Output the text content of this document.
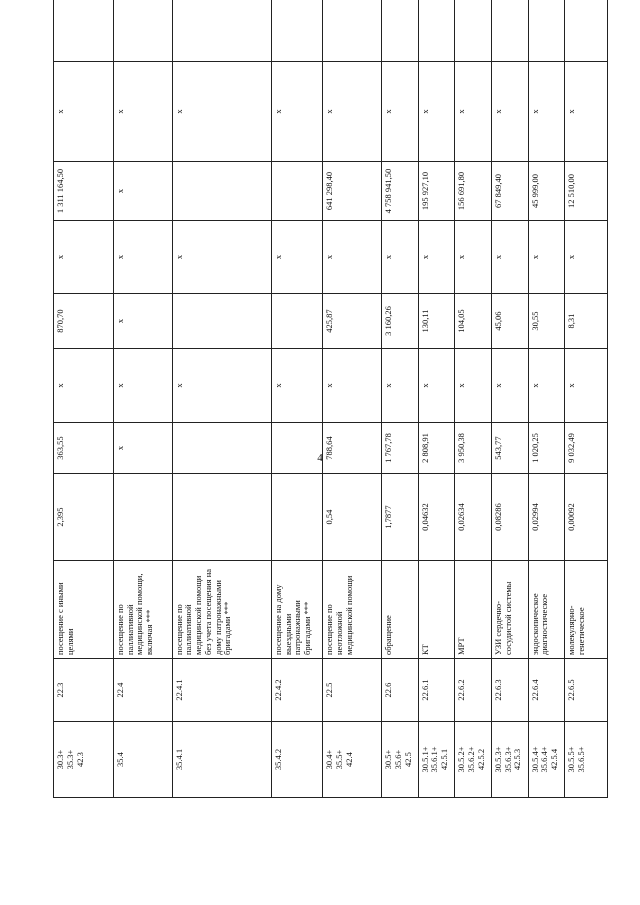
4
30.3+ 35.3+ 42.3	22.3	посещение с иными целями	2,395	363,55	х	870,70	х	1 311 164,50	х	

35.4	22.4	посещение по паллиативной медицинской помощи, включая ***		х	х	х	х	х	х	

35.4.1	22.4.1	посещение по паллиативной медицинской помощи без учета посещения на дому патронажными бригадами ***			х		х		х	

35.4.2	22.4.2	посещение на дому выездными патронажными бригадами ***			х		х		х	

30.4+ 35.5+ 42.4	22.5	посещение по неотложной медицинской помощи	0,54	788,64	х	425,87	х	641 298,40	х	

30.5+ 35.6+ 42.5	22.6	обращение	1,7877	1 767,78	х	3 160,26	х	4 758 941,50	х	

30.5.1+ 35.6.1+ 42.5.1	22.6.1	КТ	0,04632	2 808,91	х	130,11	х	195 927,10	х	

30.5.2+ 35.6.2+ 42.5.2	22.6.2	МРТ	0,02634	3 950,38	х	104,05	х	156 691,80	х	

30.5.3+ 35.6.3+ 42.5.3	22.6.3	УЗИ сердечно-сосудистой системы	0,08286	543,77	х	45,06	х	67 849,40	х	

30.5.4+ 35.6.4+ 42.5.4	22.6.4	эндоскопическое диагностическое	0,02994	1 020,25	х	30,55	х	45 999,00	х	

30.5.5+ 35.6.5+	22.6.5	молекулярно-генетическое	0,00092	9 032,49	х	8,31	х	12 510,00	х	
